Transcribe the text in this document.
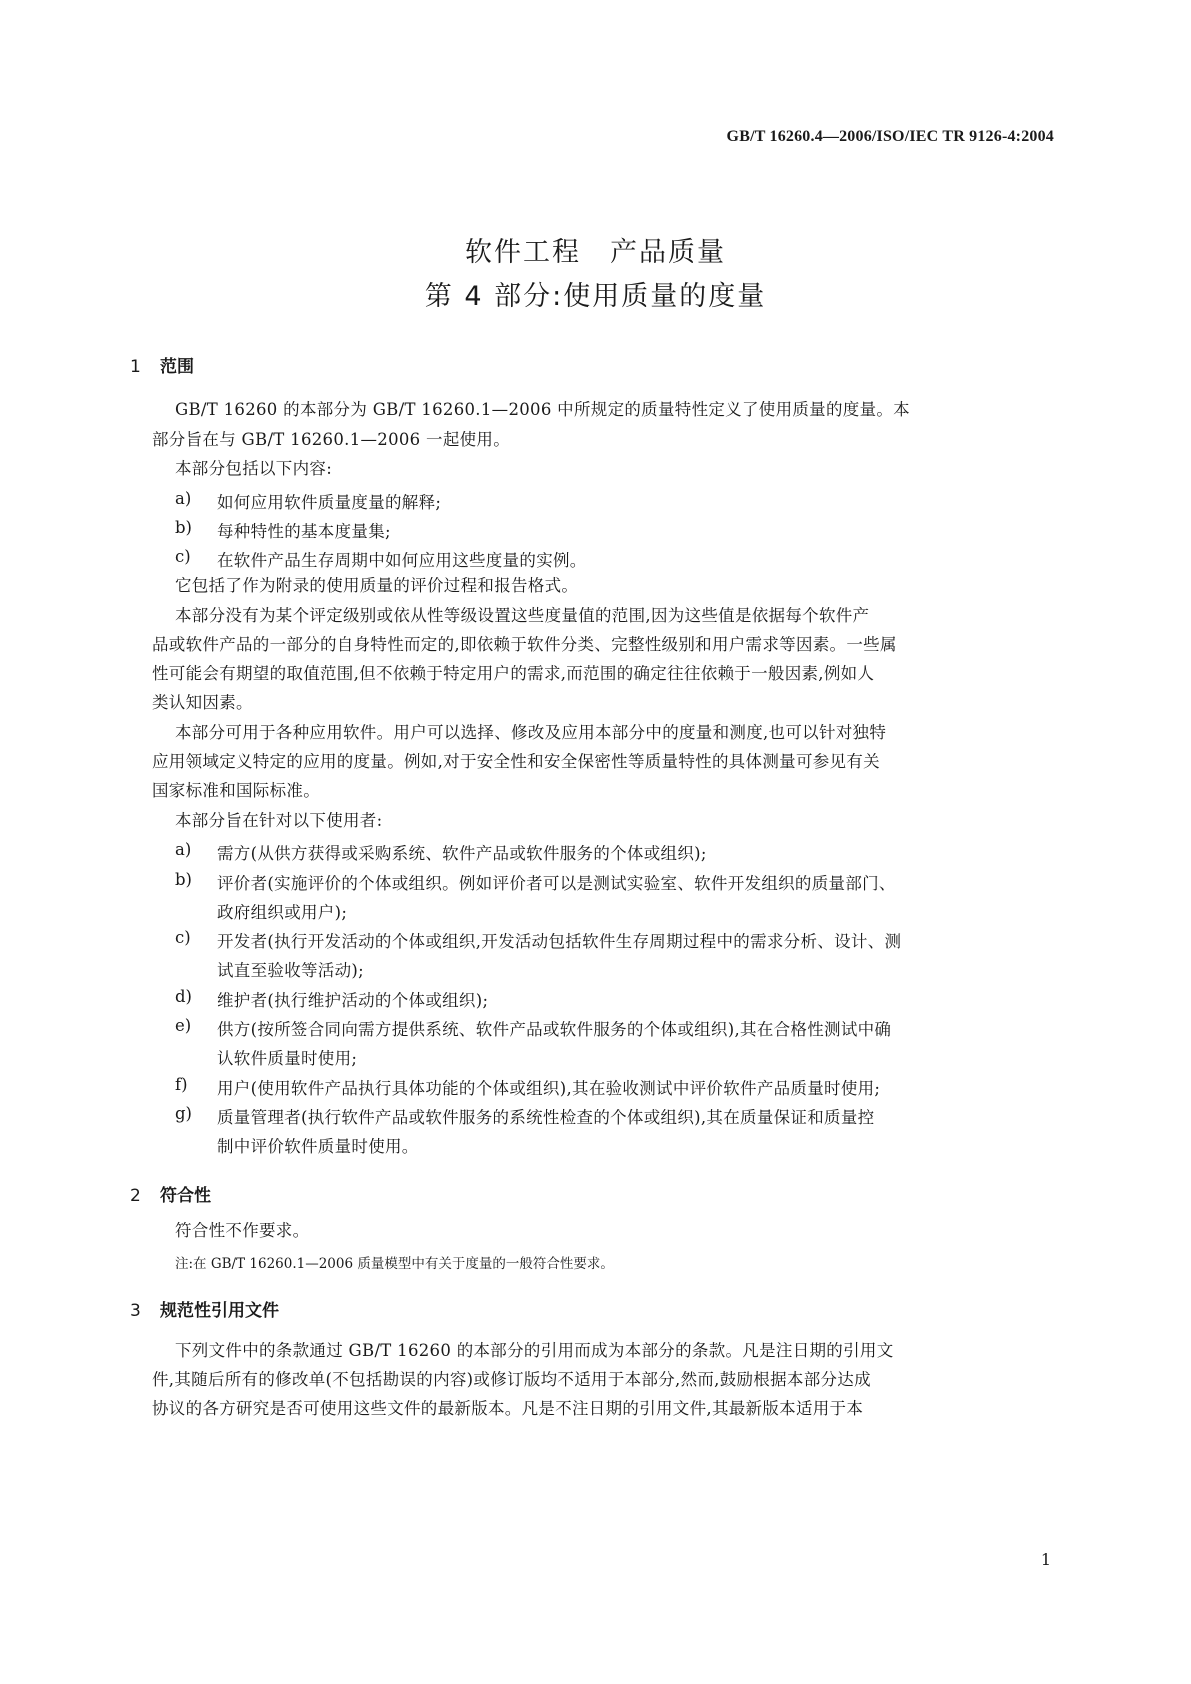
GB/T 16260.4—2006/ISO/IEC TR 9126-4:2004
软件工程　产品质量
第 4 部分:使用质量的度量
1 范围
GB/T 16260 的本部分为 GB/T 16260.1—2006 中所规定的质量特性定义了使用质量的度量。本
部分旨在与 GB/T 16260.1—2006 一起使用。
本部分包括以下内容:
a)	如何应用软件质量度量的解释;
b)	每种特性的基本度量集;
c)	在软件产品生存周期中如何应用这些度量的实例。
它包括了作为附录的使用质量的评价过程和报告格式。
本部分没有为某个评定级别或依从性等级设置这些度量值的范围,因为这些值是依据每个软件产
品或软件产品的一部分的自身特性而定的,即依赖于软件分类、完整性级别和用户需求等因素。一些属
性可能会有期望的取值范围,但不依赖于特定用户的需求,而范围的确定往往依赖于一般因素,例如人
类认知因素。
本部分可用于各种应用软件。用户可以选择、修改及应用本部分中的度量和测度,也可以针对独特
应用领域定义特定的应用的度量。例如,对于安全性和安全保密性等质量特性的具体测量可参见有关
国家标准和国际标准。
本部分旨在针对以下使用者:
a)	需方(从供方获得或采购系统、软件产品或软件服务的个体或组织);
b)	评价者(实施评价的个体或组织。例如评价者可以是测试实验室、软件开发组织的质量部门、
政府组织或用户);
c)	开发者(执行开发活动的个体或组织,开发活动包括软件生存周期过程中的需求分析、设计、测
试直至验收等活动);
d)	维护者(执行维护活动的个体或组织);
e)	供方(按所签合同向需方提供系统、软件产品或软件服务的个体或组织),其在合格性测试中确
认软件质量时使用;
f)	用户(使用软件产品执行具体功能的个体或组织),其在验收测试中评价软件产品质量时使用;
g)	质量管理者(执行软件产品或软件服务的系统性检查的个体或组织),其在质量保证和质量控
制中评价软件质量时使用。
2 符合性
符合性不作要求。
注:在 GB/T 16260.1—2006 质量模型中有关于度量的一般符合性要求。
3 规范性引用文件
下列文件中的条款通过 GB/T 16260 的本部分的引用而成为本部分的条款。凡是注日期的引用文
件,其随后所有的修改单(不包括勘误的内容)或修订版均不适用于本部分,然而,鼓励根据本部分达成
协议的各方研究是否可使用这些文件的最新版本。凡是不注日期的引用文件,其最新版本适用于本
1
